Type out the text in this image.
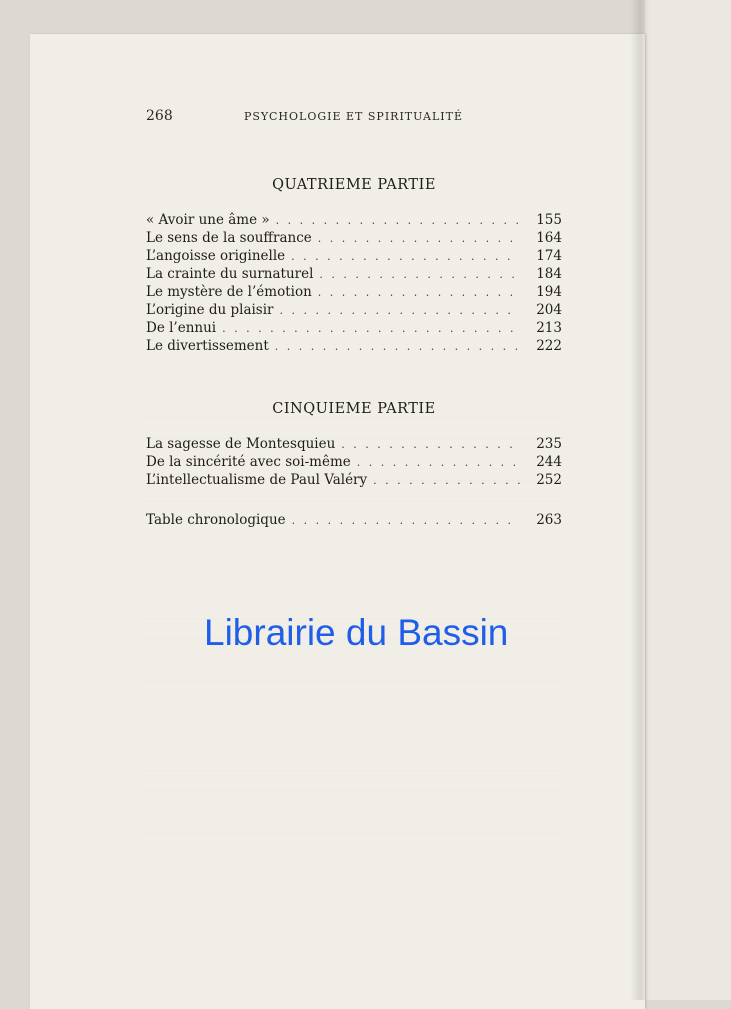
268	PSYCHOLOGIE ET SPIRITUALITÉ
QUATRIEME PARTIE
« Avoir une âme » . . .	155
Le sens de la souffrance . . .	164
L’angoisse originelle . . .	174
La crainte du surnaturel . . .	184
Le mystère de l’émotion . . .	194
L’origine du plaisir . . .	204
De l’ennui . . .	213
Le divertissement . . .	222
CINQUIEME PARTIE
La sagesse de Montesquieu . . .	235
De la sincérité avec soi-même . . .	244
L’intellectualisme de Paul Valéry . . .	252
Table chronologique . . .	263
Librairie du Bassin
